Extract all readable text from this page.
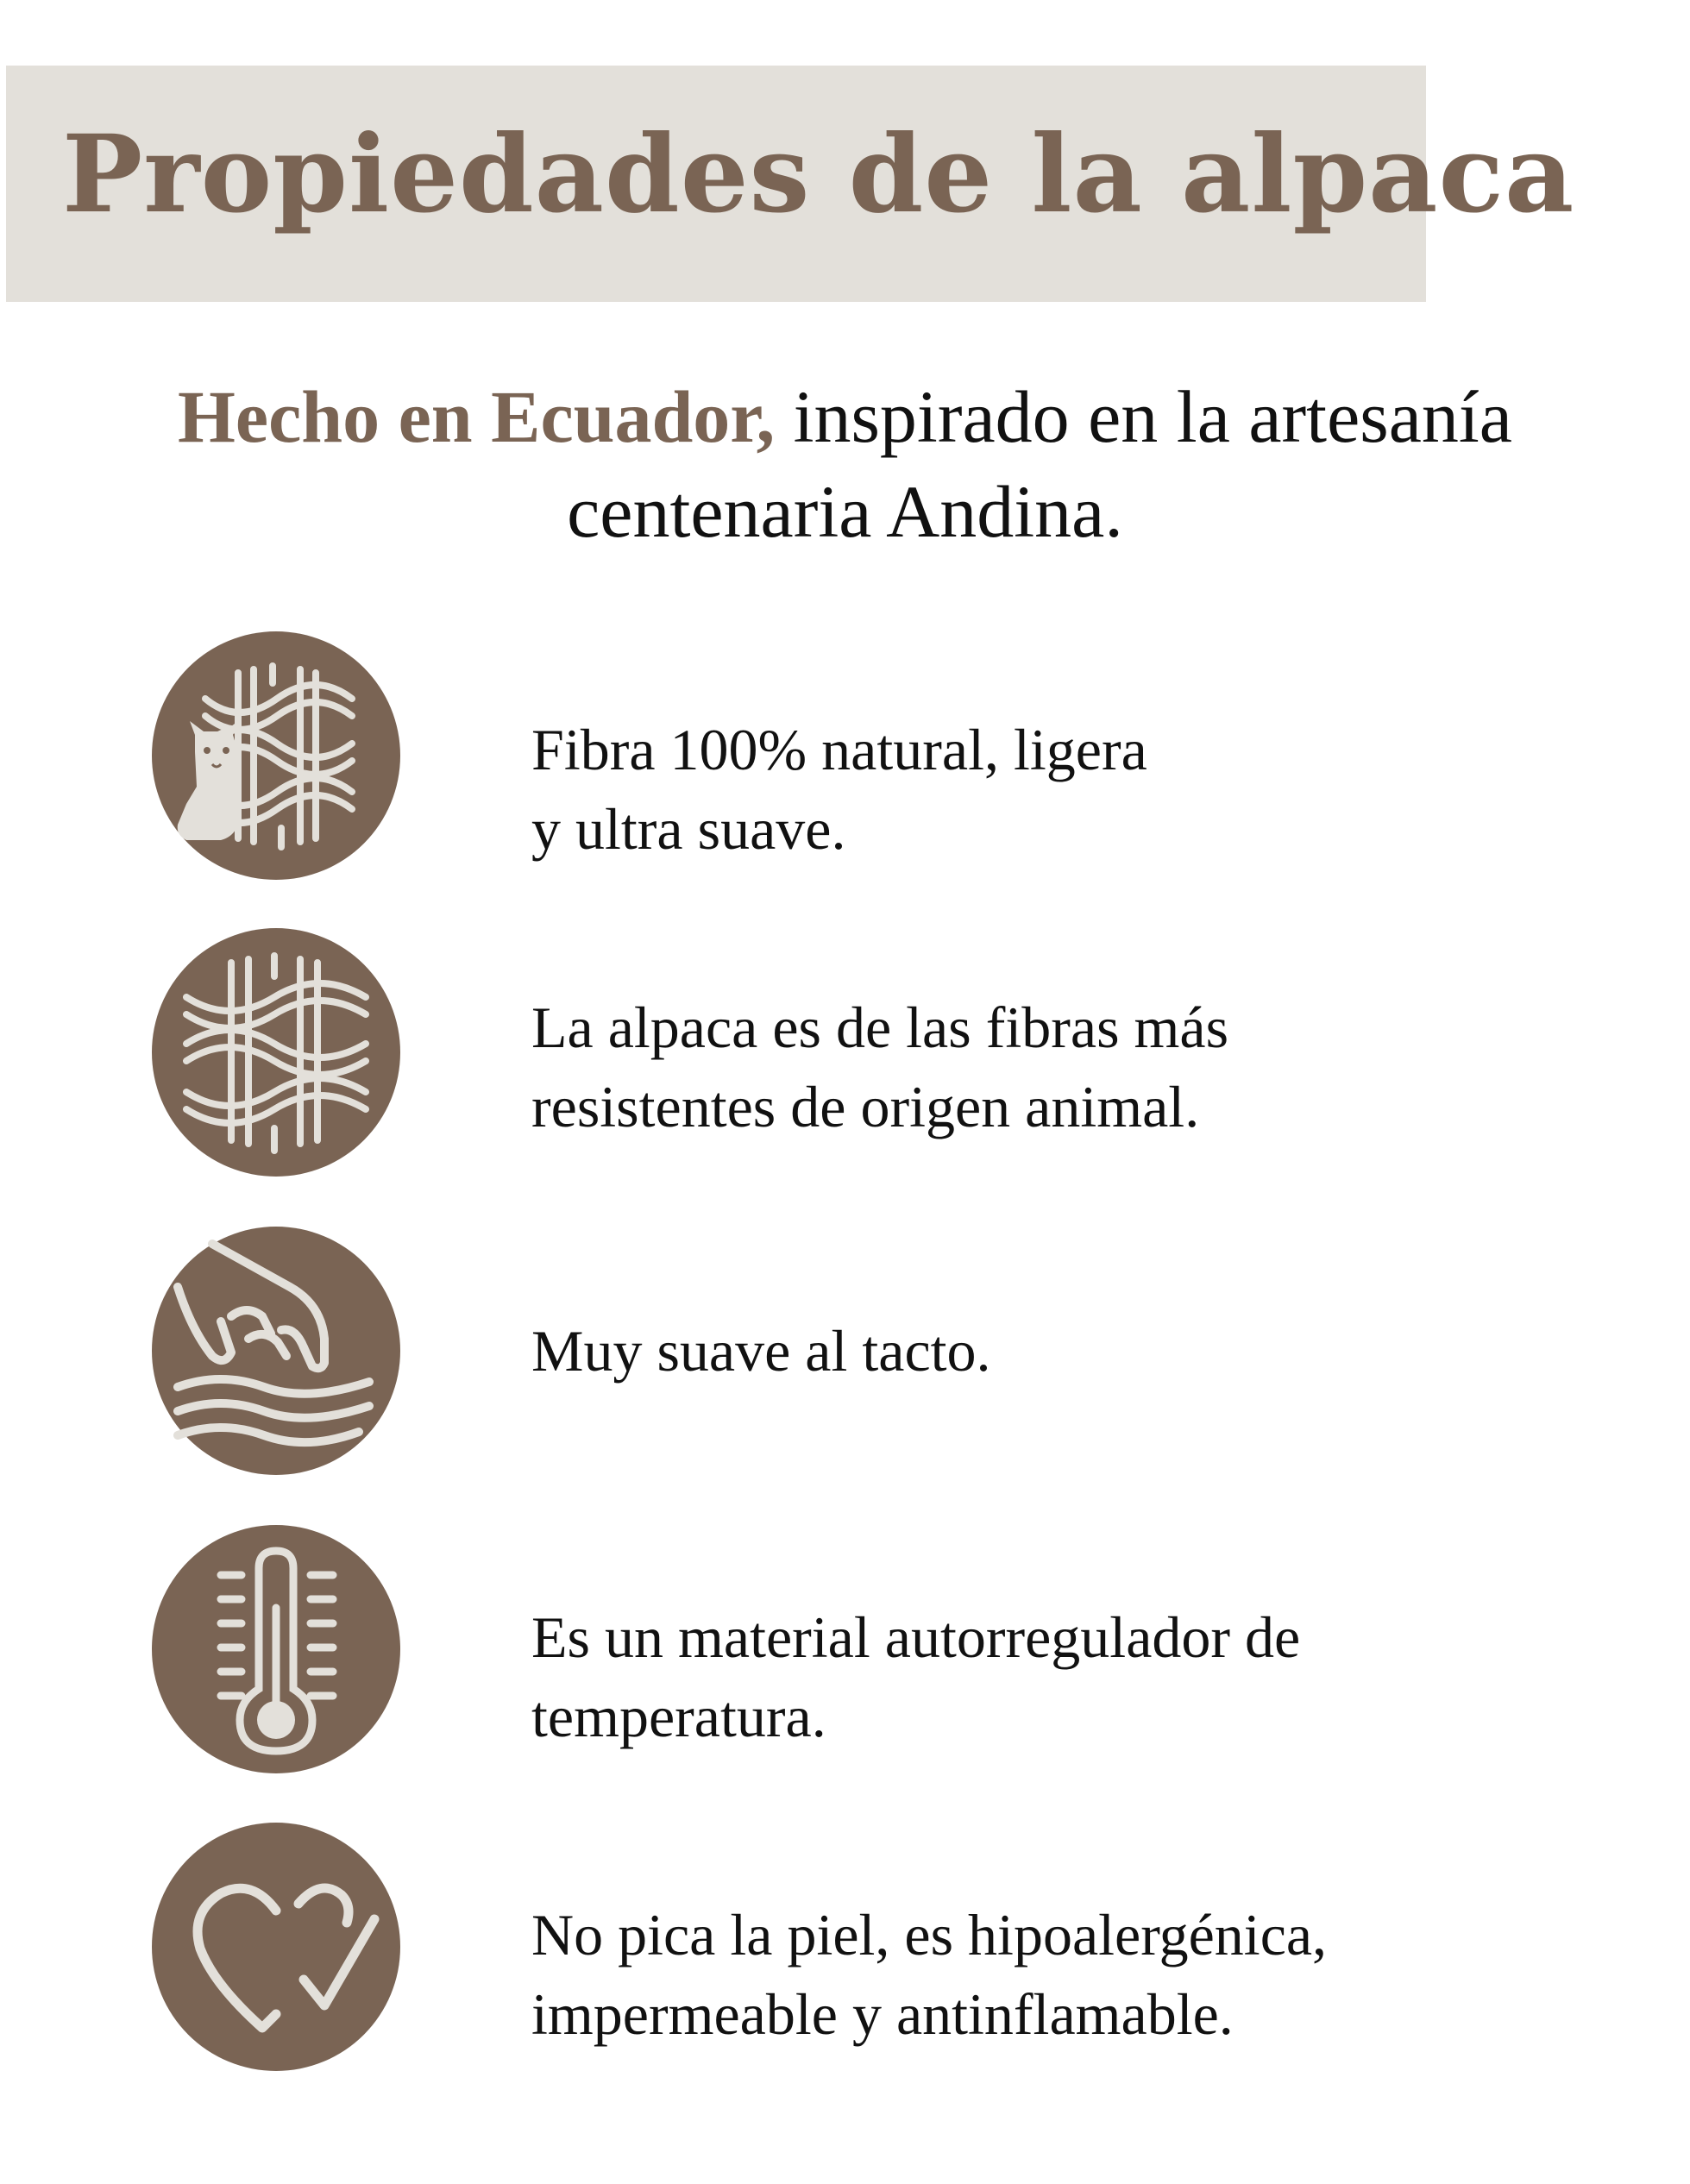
Propiedades de la alpaca
Hecho en Ecuador, inspirado en la artesanía
centenaria Andina.
Fibra 100% natural, ligera
y ultra suave.
La alpaca es de las fibras más
resistentes de origen animal.
Muy suave al tacto.
Es un material autorregulador de
temperatura.
No pica la piel, es hipoalergénica,
impermeable y antinflamable.
